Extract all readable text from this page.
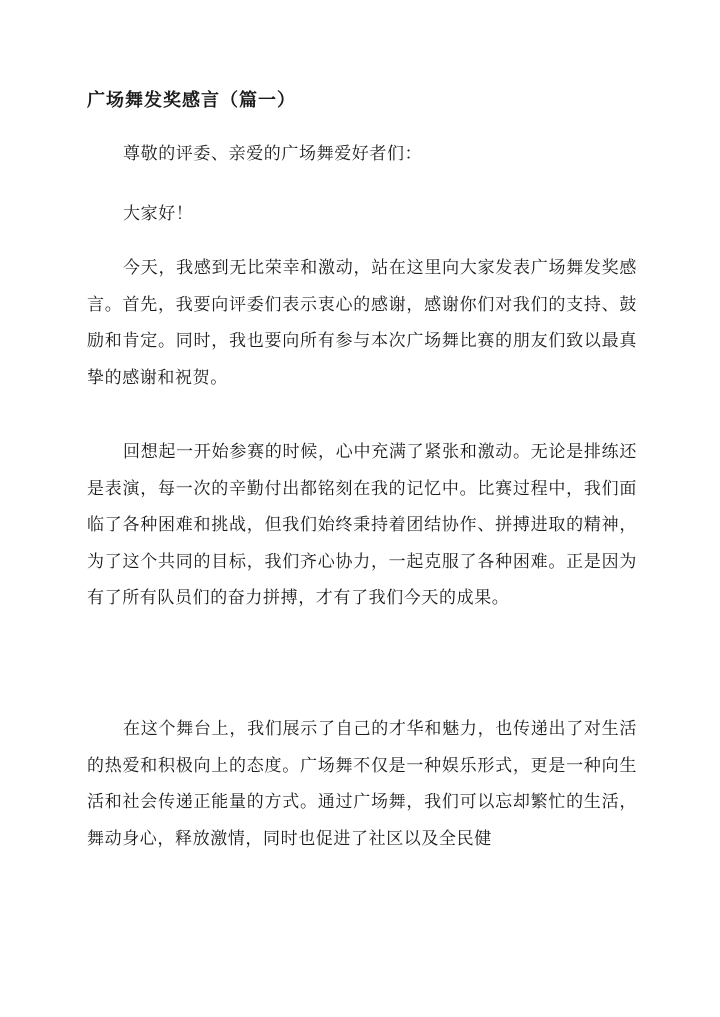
广场舞发奖感言（篇一）

尊敬的评委、亲爱的广场舞爱好者们：

大家好！

今天，我感到无比荣幸和激动，站在这里向大家发表广场舞发奖感言。首先，我要向评委们表示衷心的感谢，感谢你们对我们的支持、鼓励和肯定。同时，我也要向所有参与本次广场舞比赛的朋友们致以最真挚的感谢和祝贺。

回想起一开始参赛的时候，心中充满了紧张和激动。无论是排练还是表演，每一次的辛勤付出都铭刻在我的记忆中。比赛过程中，我们面临了各种困难和挑战，但我们始终秉持着团结协作、拼搏进取的精神，为了这个共同的目标，我们齐心协力，一起克服了各种困难。正是因为有了所有队员们的奋力拼搏，才有了我们今天的成果。

在这个舞台上，我们展示了自己的才华和魅力，也传递出了对生活的热爱和积极向上的态度。广场舞不仅是一种娱乐形式，更是一种向生活和社会传递正能量的方式。通过广场舞，我们可以忘却繁忙的生活，舞动身心，释放激情，同时也促进了社区以及全民健
